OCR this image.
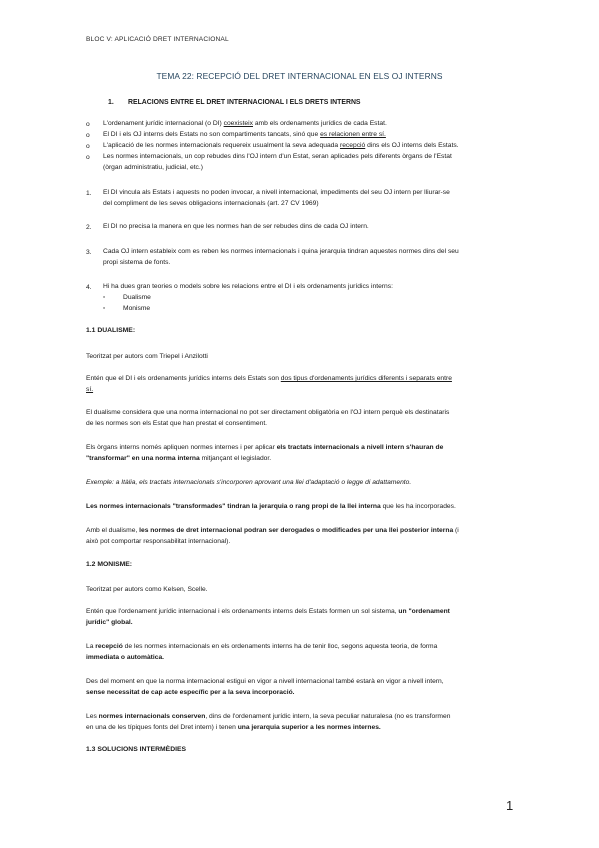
BLOC V: APLICACIÓ DRET INTERNACIONAL
TEMA 22: RECEPCIÓ DEL DRET INTERNACIONAL EN ELS OJ INTERNS
1. RELACIONS ENTRE EL DRET INTERNACIONAL I ELS DRETS INTERNS
o L'ordenament jurídic internacional (o DI) coexisteix amb els ordenaments jurídics de cada Estat.
o El DI i els OJ interns dels Estats no son compartiments tancats, sinó que es relacionen entre sí.
o L'aplicació de les normes internacionals requereix usualment la seva adequada recepció dins els OJ interns dels Estats.
o Les normes internacionals, un cop rebudes dins l'OJ intern d'un Estat, seran aplicades pels diferents òrgans de l'Estat
(òrgan administratiu, judicial, etc.)
1. El DI vincula als Estats i aquests no poden invocar, a nivell internacional, impediments del seu OJ intern per lliurar-se
del compliment de les seves obligacions internacionals (art. 27 CV 1969)
2. El DI no precisa la manera en que les normes han de ser rebudes dins de cada OJ intern.
3. Cada OJ intern estableix com es reben les normes internacionals i quina jerarquia tindran aquestes normes dins del seu
propi sistema de fonts.
4. Hi ha dues gran teories o models sobre les relacions entre el DI i els ordenaments jurídics interns:
▫	Dualisme
▫	Monisme
1.1 DUALISME:
Teoritzat per autors com Triepel i Anzilotti
Entén que el DI i els ordenaments jurídics interns dels Estats son dos tipus d'ordenaments jurídics diferents i separats entre
sí.
El dualisme considera que una norma internacional no pot ser directament obligatòria en l'OJ intern perquè els destinataris
de les normes son els Estat que han prestat el consentiment.
Els òrgans interns només apliquen normes internes i per aplicar els tractats internacionals a nivell intern s'hauran de
"transformar" en una norma interna mitjançant el legislador.
Exemple: a Itàlia, els tractats internacionals s'incorporen aprovant una llei d'adaptació o legge di adattamento.
Les normes internacionals "transformades" tindran la jerarquia o rang propi de la llei interna que les ha incorporades.
Amb el dualisme, les normes de dret internacional podran ser derogades o modificades per una llei posterior interna (i
això pot comportar responsabilitat internacional).
1.2 MONISME:
Teoritzat per autors como Kelsen, Scelle.
Entén que l'ordenament jurídic internacional i els ordenaments interns dels Estats formen un sol sistema, un "ordenament
jurídic" global.
La recepció de les normes internacionals en els ordenaments interns ha de tenir lloc, segons aquesta teoria, de forma
immediata o automàtica.
Des del moment en que la norma internacional estigui en vigor a nivell internacional també estarà en vigor a nivell intern,
sense necessitat de cap acte específic per a la seva incorporació.
Les normes internacionals conserven, dins de l'ordenament jurídic intern, la seva peculiar naturalesa (no es transformen
en una de les típiques fonts del Dret intern) i tenen una jerarquia superior a les normes internes.
1.3 SOLUCIONS INTERMÈDIES
1
